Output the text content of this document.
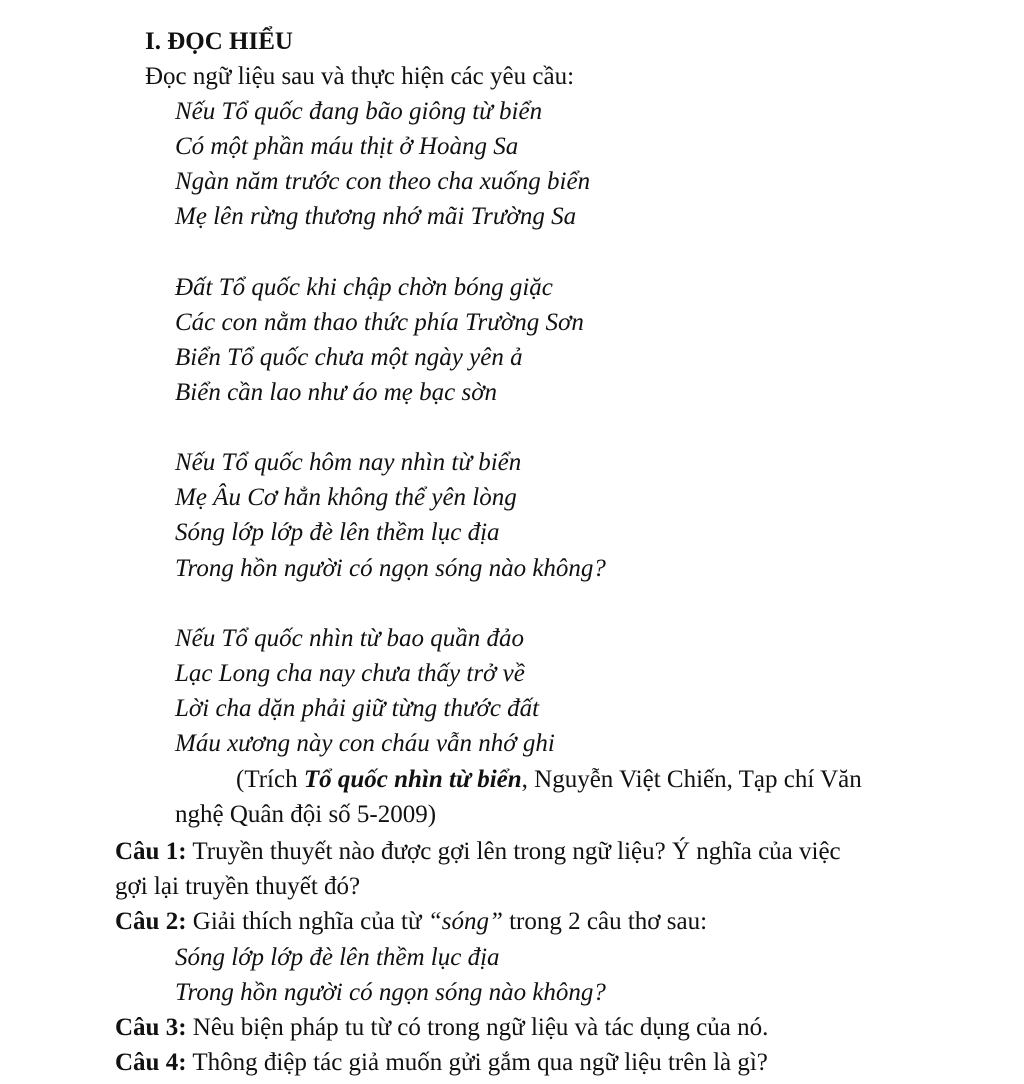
I. ĐỌC HIỂU
Đọc ngữ liệu sau và thực hiện các yêu cầu:
Nếu Tổ quốc đang bão giông từ biển
Có một phần máu thịt ở Hoàng Sa
Ngàn năm trước con theo cha xuống biển
Mẹ lên rừng thương nhớ mãi Trường Sa
Đất Tổ quốc khi chập chờn bóng giặc
Các con nằm thao thức phía Trường Sơn
Biển Tổ quốc chưa một ngày yên ả
Biển cần lao như áo mẹ bạc sờn
Nếu Tổ quốc hôm nay nhìn từ biển
Mẹ Âu Cơ hẳn không thể yên lòng
Sóng lớp lớp đè lên thềm lục địa
Trong hồn người có ngọn sóng nào không?
Nếu Tổ quốc nhìn từ bao quần đảo
Lạc Long cha nay chưa thấy trở về
Lời cha dặn phải giữ từng thước đất
Máu xương này con cháu vẫn nhớ ghi
(Trích Tổ quốc nhìn từ biển, Nguyễn Việt Chiến, Tạp chí Văn
nghệ Quân đội số 5-2009)
Câu 1: Truyền thuyết nào được gợi lên trong ngữ liệu? Ý nghĩa của việc
gợi lại truyền thuyết đó?
Câu 2: Giải thích nghĩa của từ “sóng” trong 2 câu thơ sau:
Sóng lớp lớp đè lên thềm lục địa
Trong hồn người có ngọn sóng nào không?
Câu 3: Nêu biện pháp tu từ có trong ngữ liệu và tác dụng của nó.
Câu 4: Thông điệp tác giả muốn gửi gắm qua ngữ liệu trên là gì?
